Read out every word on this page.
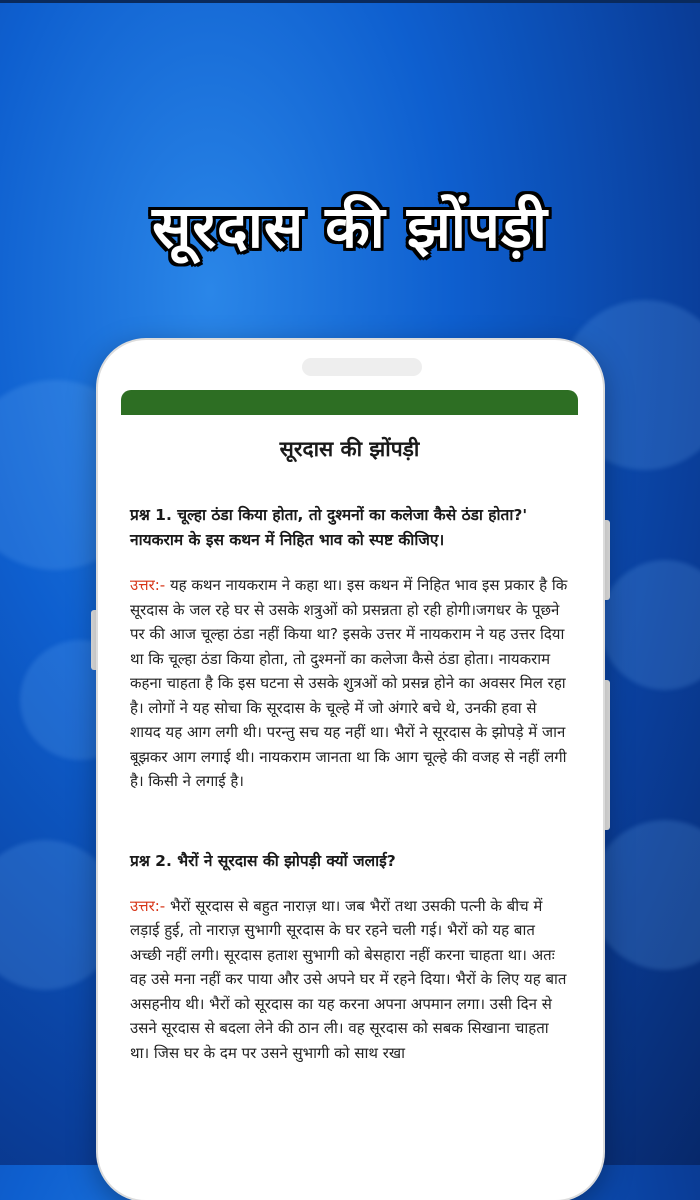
सूरदास की झोंपड़ी
सूरदास की झोंपड़ी
प्रश्न 1. चूल्हा ठंडा किया होता, तो दुश्मनों का कलेजा कैसे ठंडा होता?' नायकराम के इस कथन में निहित भाव को स्पष्ट कीजिए।
उत्तर:- यह कथन नायकराम ने कहा था। इस कथन में निहित भाव इस प्रकार है कि सूरदास के जल रहे घर से उसके शत्रुओं को प्रसन्नता हो रही होगी।जगधर के पूछने पर की आज चूल्हा ठंडा नहीं किया था? इसके उत्तर में नायकराम ने यह उत्तर दिया था कि चूल्हा ठंडा किया होता, तो दुश्मनों का कलेजा कैसे ठंडा होता। नायकराम कहना चाहता है कि इस घटना से उसके शुत्रओं को प्रसन्न होने का अवसर मिल रहा है। लोगों ने यह सोचा कि सूरदास के चूल्हे में जो अंगारे बचे थे, उनकी हवा से शायद यह आग लगी थी। परन्तु सच यह नहीं था। भैरों ने सूरदास के झोपड़े में जान बूझकर आग लगाई थी। नायकराम जानता था कि आग चूल्हे की वजह से नहीं लगी है। किसी ने लगाई है।
प्रश्न 2. भैरों ने सूरदास की झोपड़ी क्यों जलाई?
उत्तर:- भैरों सूरदास से बहुत नाराज़ था। जब भैरों तथा उसकी पत्नी के बीच में लड़ाई हुई, तो नाराज़ सुभागी सूरदास के घर रहने चली गई। भैरों को यह बात अच्छी नहीं लगी। सूरदास हताश सुभागी को बेसहारा नहीं करना चाहता था। अतः वह उसे मना नहीं कर पाया और उसे अपने घर में रहने दिया। भैरों के लिए यह बात असहनीय थी। भैरों को सूरदास का यह करना अपना अपमान लगा। उसी दिन से उसने सूरदास से बदला लेने की ठान ली। वह सूरदास को सबक सिखाना चाहता था। जिस घर के दम पर उसने सुभागी को साथ रखा
